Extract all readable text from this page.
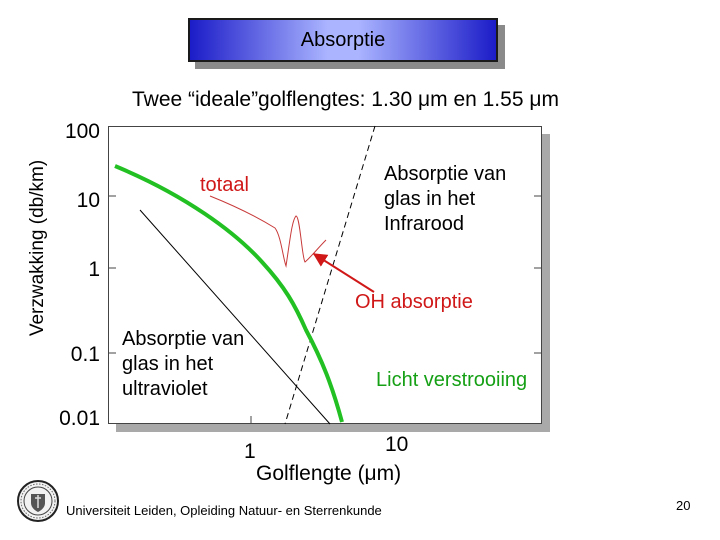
Absorptie
Twee “ideale”golflengtes: 1.30 μm en 1.55 μm
Verzwakking (db/km)
100
10
1
0.1
0.01
1	10
Golflengte (μm)
totaal	Absorptie van
glas in het
Infrarood
OH absorptie
Absorptie van
glas in het
ultraviolet	Licht verstrooiing
Universiteit Leiden, Opleiding Natuur- en Sterrenkunde	20
